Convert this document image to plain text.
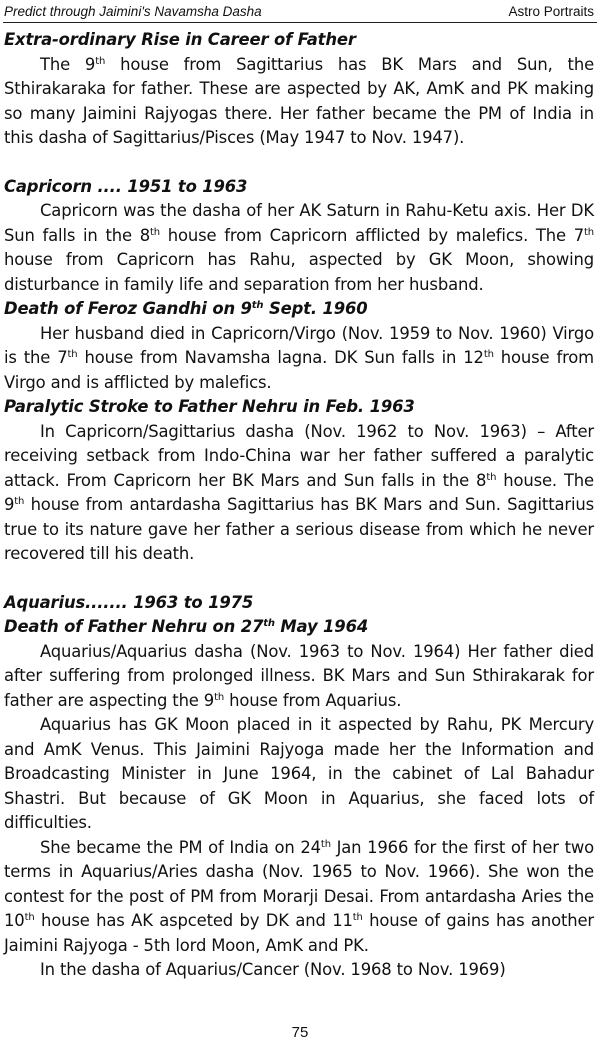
Predict through Jaimini's Navamsha Dasha	Astro Portraits

Extra-ordinary Rise in Career of Father

The 9th house from Sagittarius has BK Mars and Sun, the Sthirakaraka for father. These are aspected by AK, AmK and PK making so many Jaimini Rajyogas there. Her father became the PM of India in this dasha of Sagittarius/Pisces (May 1947 to Nov. 1947).

Capricorn .... 1951 to 1963

Capricorn was the dasha of her AK Saturn in Rahu-Ketu axis. Her DK Sun falls in the 8th house from Capricorn afflicted by malefics. The 7th house from Capricorn has Rahu, aspected by GK Moon, showing disturbance in family life and separation from her husband.

Death of Feroz Gandhi on 9th Sept. 1960

Her husband died in Capricorn/Virgo (Nov. 1959 to Nov. 1960) Virgo is the 7th house from Navamsha lagna. DK Sun falls in 12th house from Virgo and is afflicted by malefics.

Paralytic Stroke to Father Nehru in Feb. 1963

In Capricorn/Sagittarius dasha (Nov. 1962 to Nov. 1963) – After receiving setback from Indo-China war her father suffered a paralytic attack. From Capricorn her BK Mars and Sun falls in the 8th house. The 9th house from antardasha Sagittarius has BK Mars and Sun. Sagittarius true to its nature gave her father a serious disease from which he never recovered till his death.

Aquarius....... 1963 to 1975

Death of Father Nehru on 27th May 1964

Aquarius/Aquarius dasha (Nov. 1963 to Nov. 1964) Her father died after suffering from prolonged illness. BK Mars and Sun Sthirakarak for father are aspecting the 9th house from Aquarius.

Aquarius has GK Moon placed in it aspected by Rahu, PK Mercury and AmK Venus. This Jaimini Rajyoga made her the Information and Broadcasting Minister in June 1964, in the cabinet of Lal Bahadur Shastri. But because of GK Moon in Aquarius, she faced lots of difficulties.

She became the PM of India on 24th Jan 1966 for the first of her two terms in Aquarius/Aries dasha (Nov. 1965 to Nov. 1966). She won the contest for the post of PM from Morarji Desai. From antardasha Aries the 10th house has AK aspceted by DK and 11th house of gains has another Jaimini Rajyoga - 5th lord Moon, AmK and PK.

In the dasha of Aquarius/Cancer (Nov. 1968 to Nov. 1969)

75
